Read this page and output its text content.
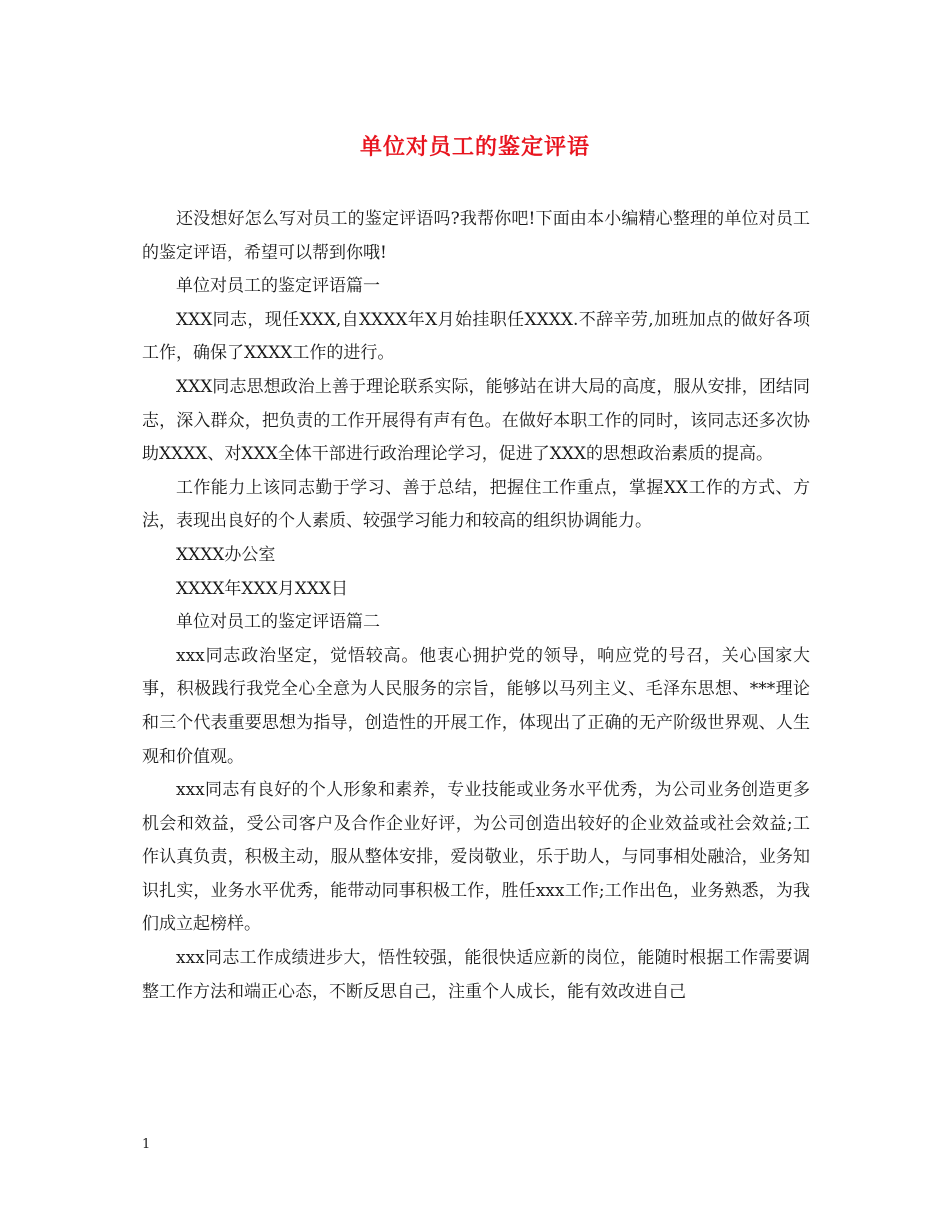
单位对员工的鉴定评语

还没想好怎么写对员工的鉴定评语吗?我帮你吧!下面由本小编精心整理的单位对员工的鉴定评语，希望可以帮到你哦!

单位对员工的鉴定评语篇一

XXX同志，现任XXX,自XXXX年X月始挂职任XXXX.不辞辛劳,加班加点的做好各项工作，确保了XXXX工作的进行。

XXX同志思想政治上善于理论联系实际，能够站在讲大局的高度，服从安排，团结同志，深入群众，把负责的工作开展得有声有色。在做好本职工作的同时，该同志还多次协助XXXX、对XXX全体干部进行政治理论学习，促进了XXX的思想政治素质的提高。

工作能力上该同志勤于学习、善于总结，把握住工作重点，掌握XX工作的方式、方法，表现出良好的个人素质、较强学习能力和较高的组织协调能力。

XXXX办公室

XXXX年XXX月XXX日

单位对员工的鉴定评语篇二

xxx同志政治坚定，觉悟较高。他衷心拥护党的领导，响应党的号召，关心国家大事，积极践行我党全心全意为人民服务的宗旨，能够以马列主义、毛泽东思想、***理论和三个代表重要思想为指导，创造性的开展工作，体现出了正确的无产阶级世界观、人生观和价值观。

xxx同志有良好的个人形象和素养，专业技能或业务水平优秀，为公司业务创造更多机会和效益，受公司客户及合作企业好评，为公司创造出较好的企业效益或社会效益;工作认真负责，积极主动，服从整体安排，爱岗敬业，乐于助人，与同事相处融洽，业务知识扎实，业务水平优秀，能带动同事积极工作，胜任xxx工作;工作出色，业务熟悉，为我们成立起榜样。

xxx同志工作成绩进步大，悟性较强，能很快适应新的岗位，能随时根据工作需要调整工作方法和端正心态，不断反思自己，注重个人成长，能有效改进自己

1
